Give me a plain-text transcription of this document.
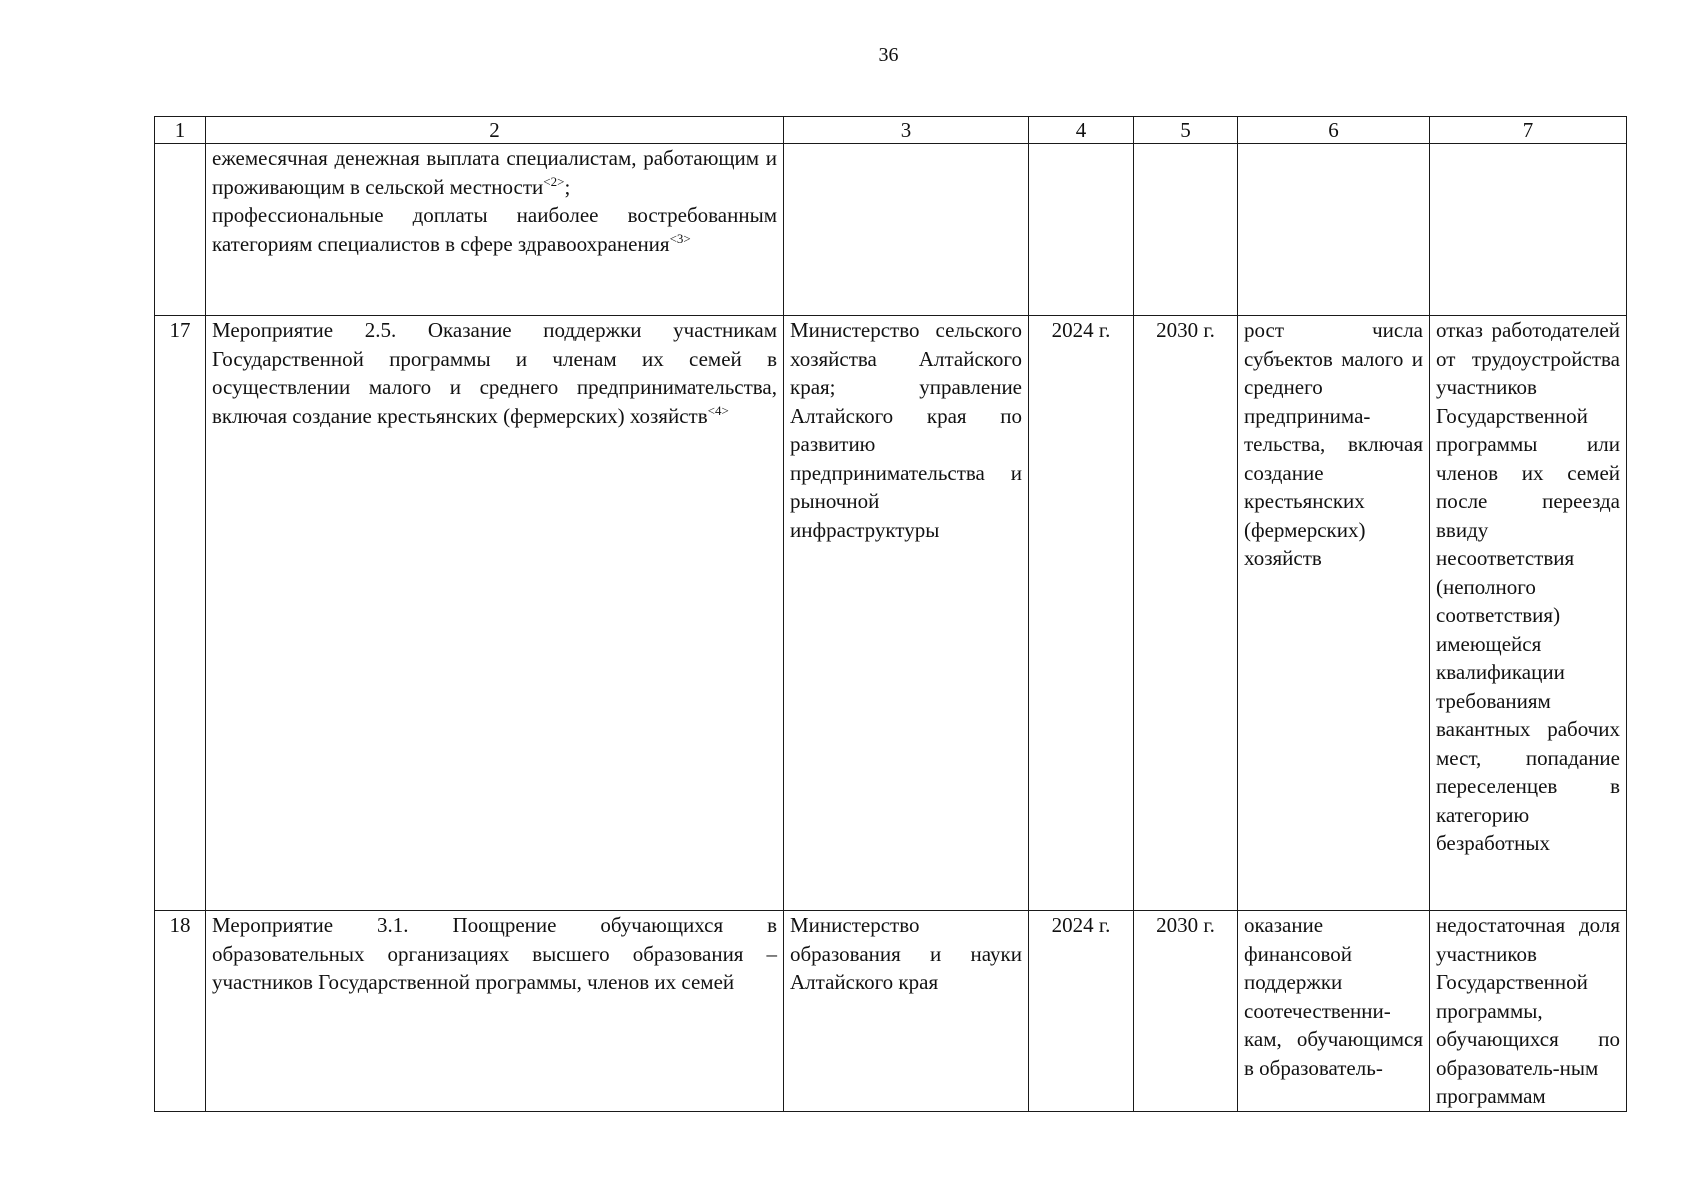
36
1	2	3	4	5	6	7

	ежемесячная денежная выплата специалистам, работающим и проживающим в сельской местности$^{<2>}$;
профессиональные доплаты наиболее востребованным категориям специалистов в сфере здравоохранения$^{<3>}$

17	Мероприятие 2.5. Оказание поддержки участникам Государственной программы и членам их семей в осуществлении малого и среднего предпринимательства, включая создание крестьянских (фермерских) хозяйств$^{<4>}$	Министерство сельского хозяйства Алтайского края; управление Алтайского края по развитию предпринимательства и рыночной инфраструктуры	2024 г.	2030 г.	рост числа субъектов малого и среднего предпринима-тельства, включая создание крестьянских (фермерских) хозяйств	отказ работодателей от трудоустройства участников Государственной программы или членов их семей после переезда ввиду несоответствия (неполного соответствия) имеющейся квалификации требованиям вакантных рабочих мест, попадание переселенцев в категорию безработных
18	Мероприятие 3.1. Поощрение обучающихся в образовательных организациях высшего образования – участников Государственной программы, членов их семей	Министерство образования и науки Алтайского края	2024 г.	2030 г.	оказание финансовой поддержки соотечественни-кам, обучающимся в образователь-	недостаточная доля участников Государственной программы, обучающихся по образователь-ным программам
